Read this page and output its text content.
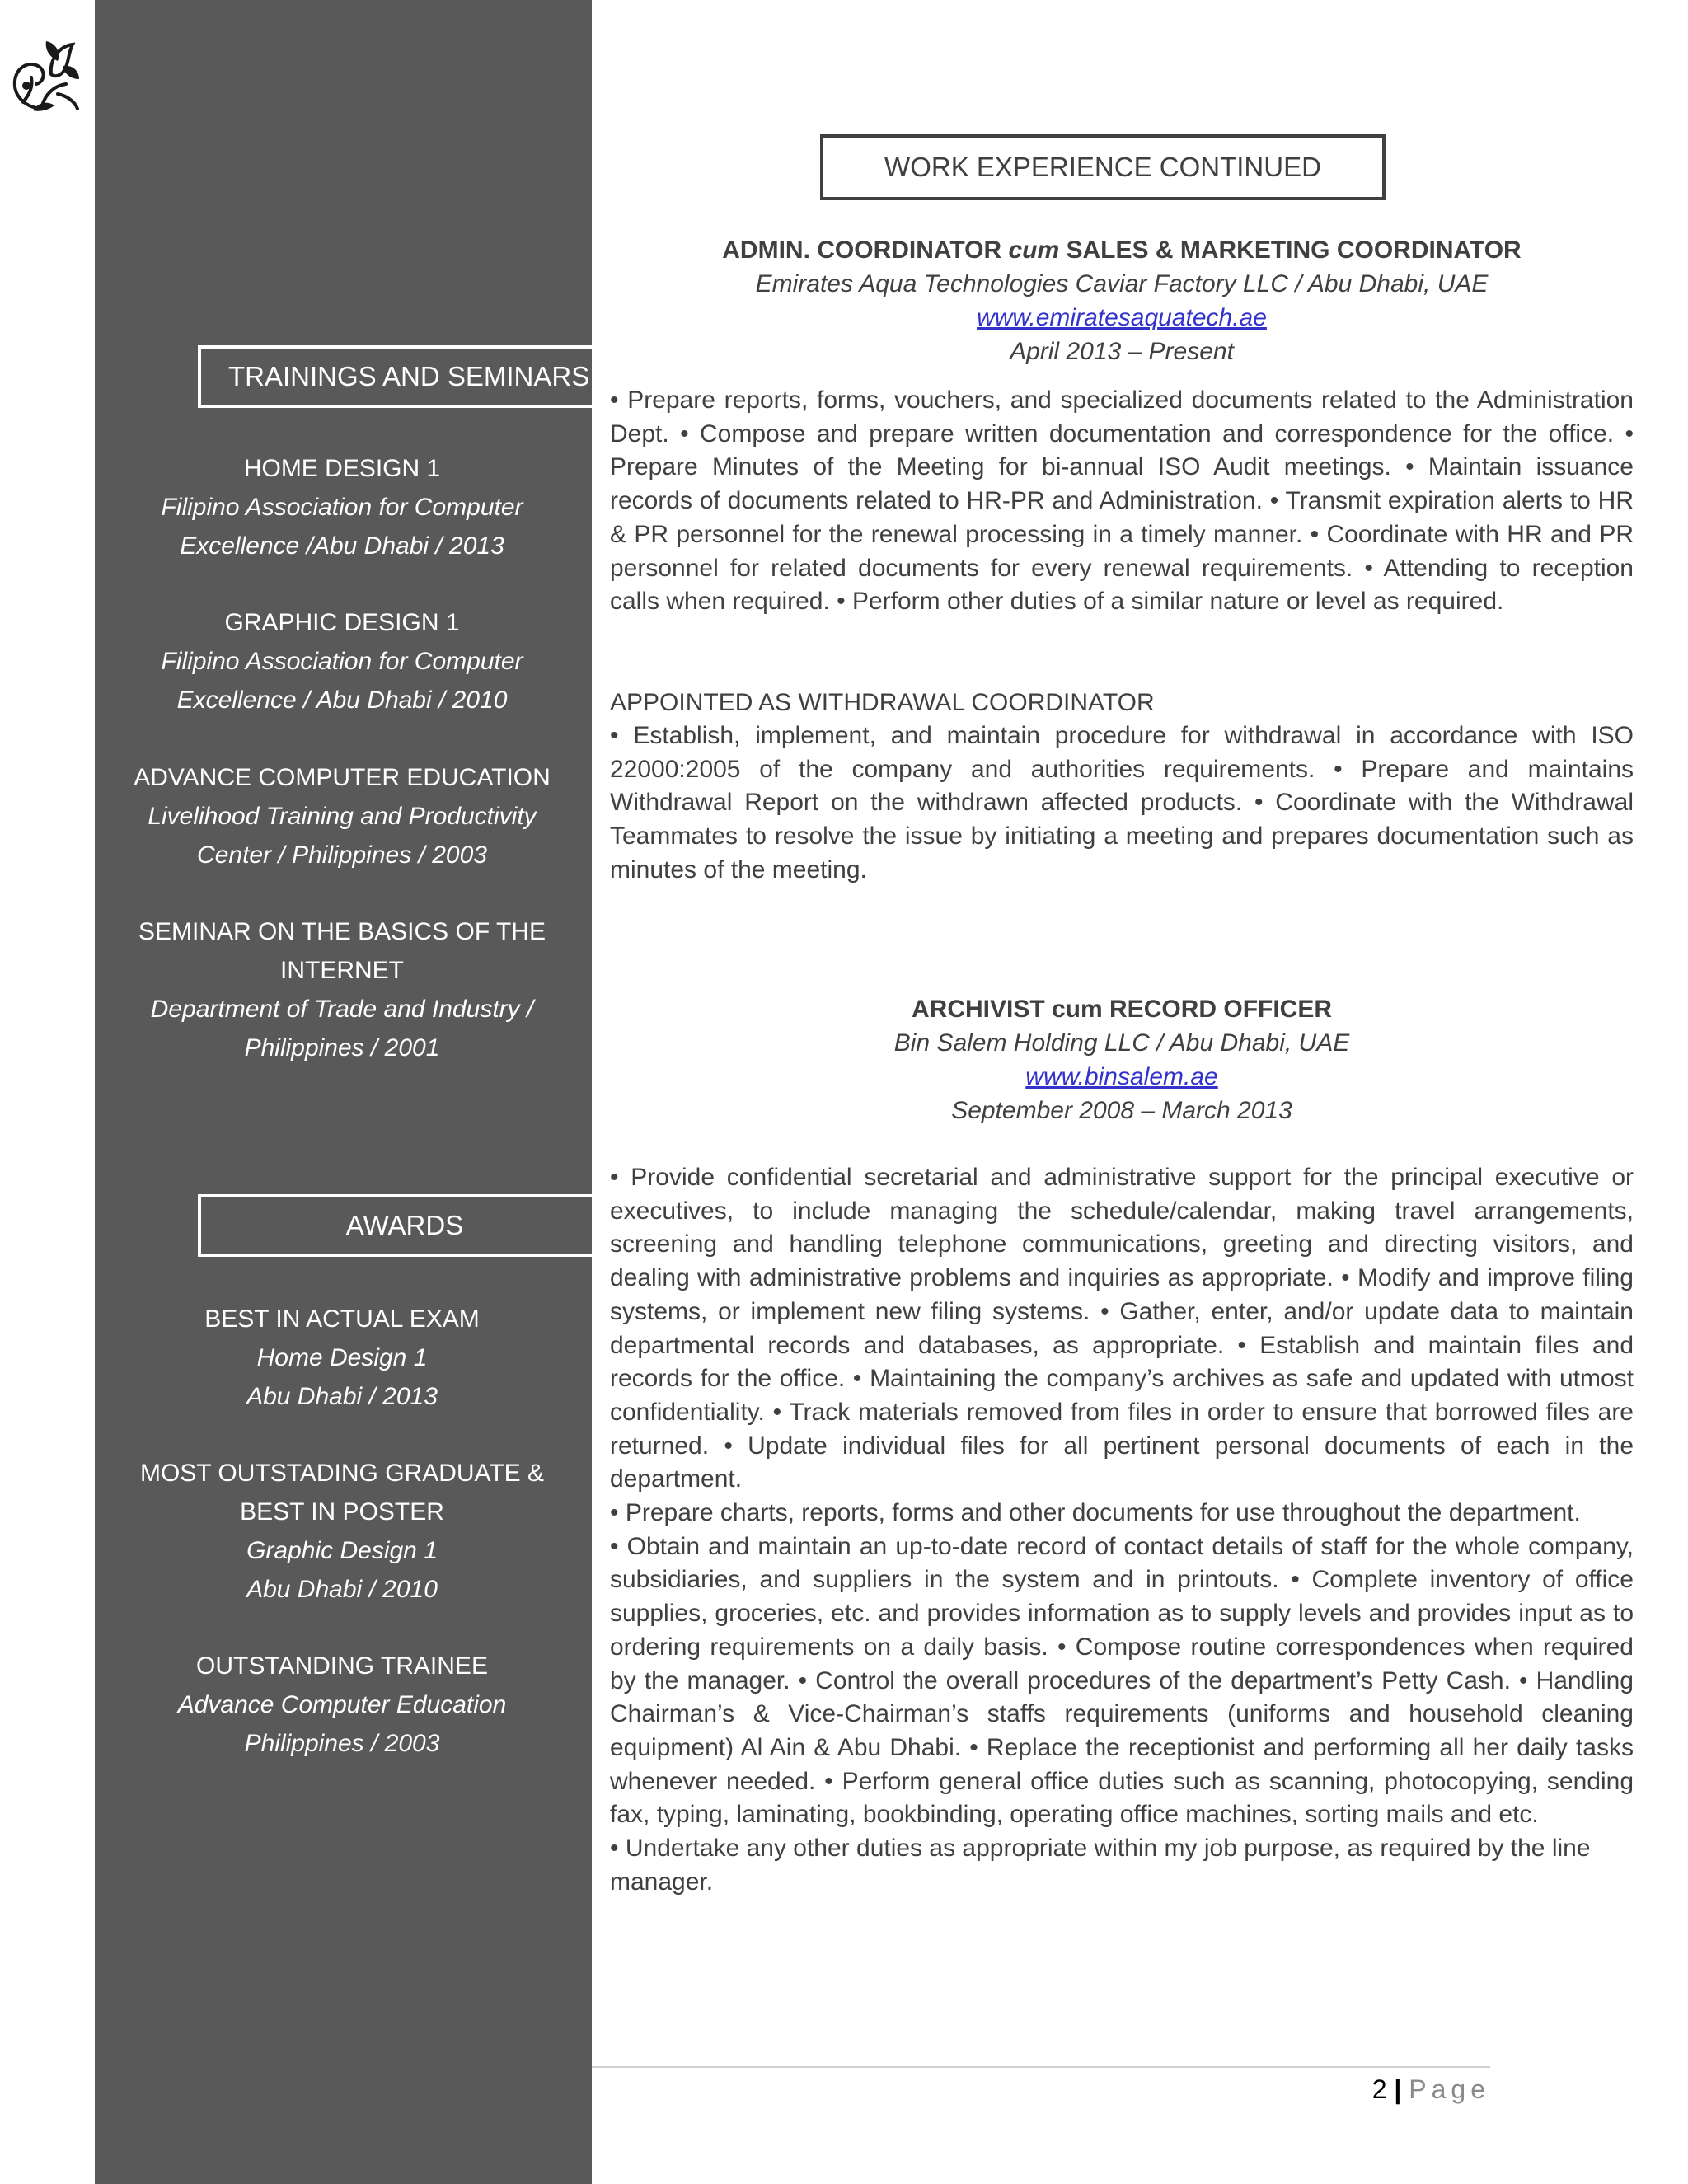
TRAININGS AND SEMINARS
HOME DESIGN 1
Filipino Association for Computer
Excellence /Abu Dhabi / 2013
GRAPHIC DESIGN 1
Filipino Association for Computer
Excellence / Abu Dhabi / 2010
ADVANCE COMPUTER EDUCATION
Livelihood Training and Productivity
Center / Philippines / 2003
SEMINAR ON THE BASICS OF THE
INTERNET
Department of Trade and Industry /
Philippines / 2001
AWARDS
BEST IN ACTUAL EXAM
Home Design 1
Abu Dhabi / 2013
MOST OUTSTADING GRADUATE &
BEST IN POSTER
Graphic Design 1
Abu Dhabi / 2010
OUTSTANDING TRAINEE
Advance Computer Education
Philippines / 2003
WORK EXPERIENCE CONTINUED
ADMIN. COORDINATOR cum SALES & MARKETING COORDINATOR
Emirates Aqua Technologies Caviar Factory LLC / Abu Dhabi, UAE
www.emiratesaquatech.ae
April 2013 – Present

• Prepare reports, forms, vouchers, and specialized documents related to the Administration Dept. • Compose and prepare written documentation and correspondence for the office. • Prepare Minutes of the Meeting for bi-annual ISO Audit meetings. • Maintain issuance records of documents related to HR-PR and Administration. • Transmit expiration alerts to HR & PR personnel for the renewal processing in a timely manner. • Coordinate with HR and PR personnel for related documents for every renewal requirements. • Attending to reception calls when required. • Perform other duties of a similar nature or level as required.

APPOINTED AS WITHDRAWAL COORDINATOR

• Establish, implement, and maintain procedure for withdrawal in accordance with ISO 22000:2005 of the company and authorities requirements. • Prepare and maintains Withdrawal Report on the withdrawn affected products. • Coordinate with the Withdrawal Teammates to resolve the issue by initiating a meeting and prepares documentation such as minutes of the meeting.

ARCHIVIST cum RECORD OFFICER
Bin Salem Holding LLC / Abu Dhabi, UAE
www.binsalem.ae
September 2008 – March 2013

• Provide confidential secretarial and administrative support for the principal executive or executives, to include managing the schedule/calendar, making travel arrangements, screening and handling telephone communications, greeting and directing visitors, and dealing with administrative problems and inquiries as appropriate. • Modify and improve filing systems, or implement new filing systems. • Gather, enter, and/or update data to maintain departmental records and databases, as appropriate. • Establish and maintain files and records for the office. • Maintaining the company’s archives as safe and updated with utmost confidentiality. • Track materials removed from files in order to ensure that borrowed files are returned. • Update individual files for all pertinent personal documents of each in the department.

• Prepare charts, reports, forms and other documents for use throughout the department.

• Obtain and maintain an up-to-date record of contact details of staff for the whole company, subsidiaries, and suppliers in the system and in printouts. • Complete inventory of office supplies, groceries, etc. and provides information as to supply levels and provides input as to ordering requirements on a daily basis. • Compose routine correspondences when required by the manager. • Control the overall procedures of the department’s Petty Cash. • Handling Chairman’s & Vice-Chairman’s staffs requirements (uniforms and household cleaning equipment) Al Ain & Abu Dhabi. • Replace the receptionist and performing all her daily tasks whenever needed. • Perform general office duties such as scanning, photocopying, sending fax, typing, laminating, bookbinding, operating office machines, sorting mails and etc.

• Undertake any other duties as appropriate within my job purpose, as required by the line manager.

2 | Page
